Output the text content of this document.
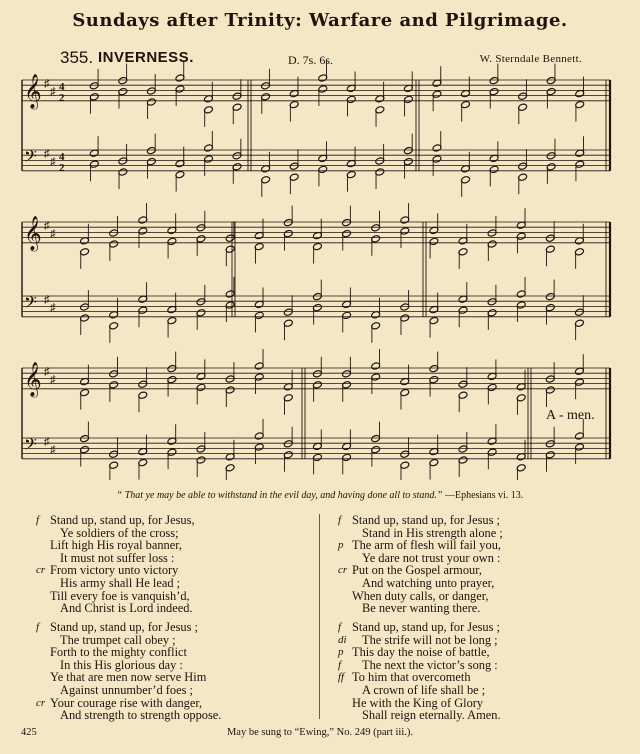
Sundays after Trinity: Warfare and Pilgrimage.
355. INVERNESS.	D. 7s. 6s.	W. Sterndale Bennett.
𝄞 ♯
♯ 4
2
𝄢 ♯
♯ 4
2
𝄞 ♯
♯
𝄢 ♯
♯
𝄞 ♯
♯
𝄢 ♯
♯
A - men.
“ That ye may be able to withstand in the evil day, and having done all to stand.” —Ephesians vi. 13.
f Stand up, stand up, for Jesus,
Ye soldiers of the cross;
Lift high His royal banner,
It must not suffer loss :
cr From victory unto victory
His army shall He lead ;
Till every foe is vanquish’d,
And Christ is Lord indeed.
f Stand up, stand up, for Jesus ;
The trumpet call obey ;
Forth to the mighty conflict
In this His glorious day :
Ye that are men now serve Him
Against unnumber’d foes ;
cr Your courage rise with danger,
And strength to strength oppose.
f Stand up, stand up, for Jesus ;
Stand in His strength alone ;
p The arm of flesh will fail you,
Ye dare not trust your own :
cr Put on the Gospel armour,
And watching unto prayer,
When duty calls, or danger,
Be never wanting there.
f Stand up, stand up, for Jesus ;
di The strife will not be long ;
p This day the noise of battle,
f The next the victor’s song :
ff To him that overcometh
A crown of life shall be ;
He with the King of Glory
Shall reign eternally. Amen.
425	May be sung to “Ewing,” No. 249 (part iii.).
